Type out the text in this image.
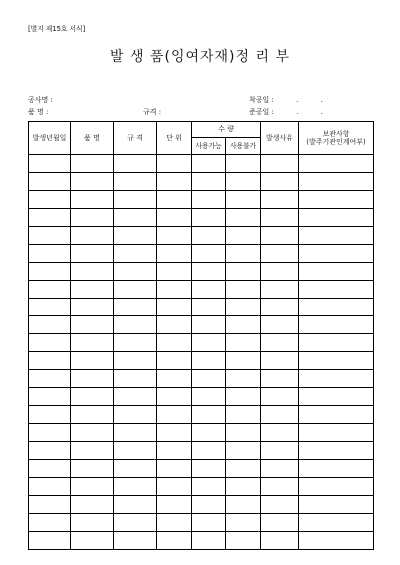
[별지 제15호 서식]
발 생 품(잉여자재)정 리 부
공사명 :
품 명 :	규격 :
착공일 :          .          .
준공일 :          .          .
발생년월일	품 명	규 격	단 위	수 량		발생사유	보관사항
(발주기관인계여부)
				사용가능	사용불가		
